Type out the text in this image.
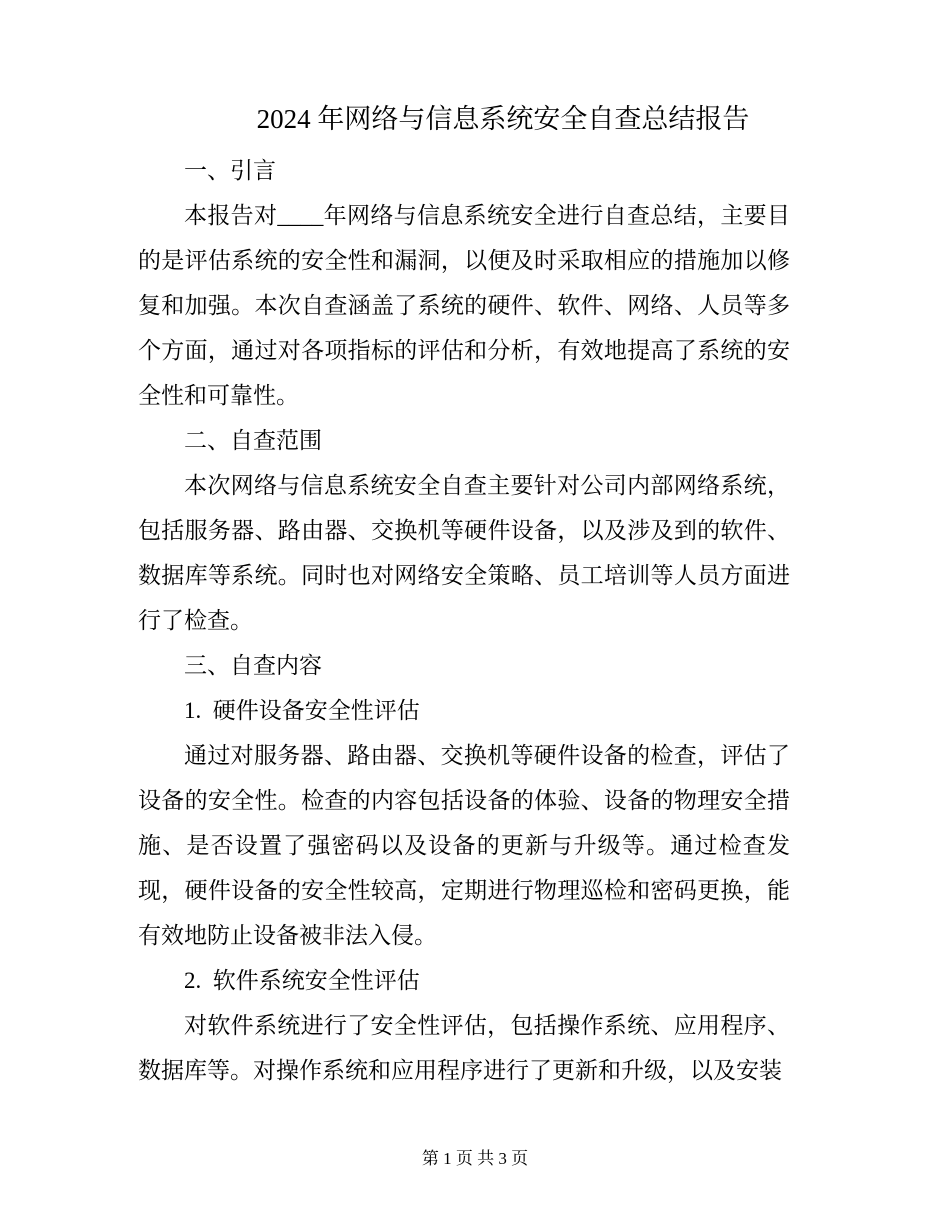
2024 年网络与信息系统安全自查总结报告

一、引言

本报告对____年网络与信息系统安全进行自查总结，主要目的是评估系统的安全性和漏洞，以便及时采取相应的措施加以修复和加强。本次自查涵盖了系统的硬件、软件、网络、人员等多个方面，通过对各项指标的评估和分析，有效地提高了系统的安全性和可靠性。

二、自查范围

本次网络与信息系统安全自查主要针对公司内部网络系统，包括服务器、路由器、交换机等硬件设备，以及涉及到的软件、数据库等系统。同时也对网络安全策略、员工培训等人员方面进行了检查。

三、自查内容

1.  硬件设备安全性评估

通过对服务器、路由器、交换机等硬件设备的检查，评估了设备的安全性。检查的内容包括设备的体验、设备的物理安全措施、是否设置了强密码以及设备的更新与升级等。通过检查发现，硬件设备的安全性较高，定期进行物理巡检和密码更换，能有效地防止设备被非法入侵。

2.  软件系统安全性评估

对软件系统进行了安全性评估，包括操作系统、应用程序、数据库等。对操作系统和应用程序进行了更新和升级，以及安装

第 1 页 共 3 页
